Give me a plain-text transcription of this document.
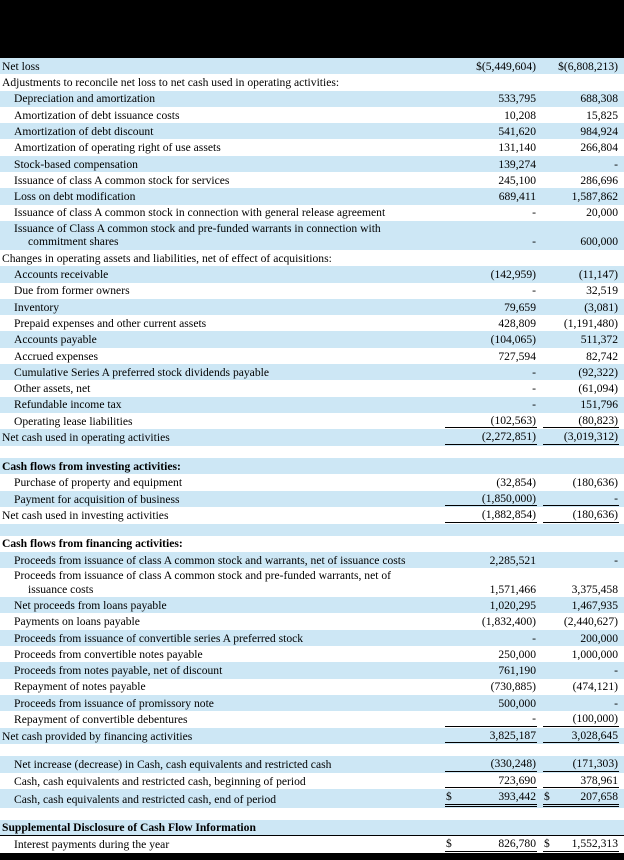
Net loss	$(5,449,604)	$(6,808,213)
Adjustments to reconcile net loss to net cash used in operating activities:
Depreciation and amortization	533,795	688,308
Amortization of debt issuance costs	10,208	15,825
Amortization of debt discount	541,620	984,924
Amortization of operating right of use assets	131,140	266,804
Stock-based compensation	139,274	-
Issuance of class A common stock for services	245,100	286,696
Loss on debt modification	689,411	1,587,862
Issuance of class A common stock in connection with general release agreement	-	20,000
Issuance of Class A common stock and pre-funded warrants in connection with
commitment shares	-	600,000
Changes in operating assets and liabilities, net of effect of acquisitions:
Accounts receivable	(142,959)	(11,147)
Due from former owners	-	32,519
Inventory	79,659	(3,081)
Prepaid expenses and other current assets	428,809	(1,191,480)
Accounts payable	(104,065)	511,372
Accrued expenses	727,594	82,742
Cumulative Series A preferred stock dividends payable	-	(92,322)
Other assets, net	-	(61,094)
Refundable income tax	-	151,796
Operating lease liabilities	(102,563)	(80,823)
Net cash used in operating activities	(2,272,851)	(3,019,312)
Cash flows from investing activities:
Purchase of property and equipment	(32,854)	(180,636)
Payment for acquisition of business	(1,850,000)	-
Net cash used in investing activities	(1,882,854)	(180,636)
Cash flows from financing activities:
Proceeds from issuance of class A common stock and warrants, net of issuance costs	2,285,521	-
Proceeds from issuance of class A common stock and pre-funded warrants, net of
issuance costs	1,571,466	3,375,458
Net proceeds from loans payable	1,020,295	1,467,935
Payments on loans payable	(1,832,400)	(2,440,627)
Proceeds from issuance of convertible series A preferred stock	-	200,000
Proceeds from convertible notes payable	250,000	1,000,000
Proceeds from notes payable, net of discount	761,190	-
Repayment of notes payable	(730,885)	(474,121)
Proceeds from issuance of promissory note	500,000	-
Repayment of convertible debentures	-	(100,000)
Net cash provided by financing activities	3,825,187	3,028,645
Net increase (decrease) in Cash, cash equivalents and restricted cash	(330,248)	(171,303)
Cash, cash equivalents and restricted cash, beginning of period	723,690	378,961
Cash, cash equivalents and restricted cash, end of period	$	393,442 $	207,658
Supplemental Disclosure of Cash Flow Information
Interest payments during the year	$	826,780 $ 1,552,313
